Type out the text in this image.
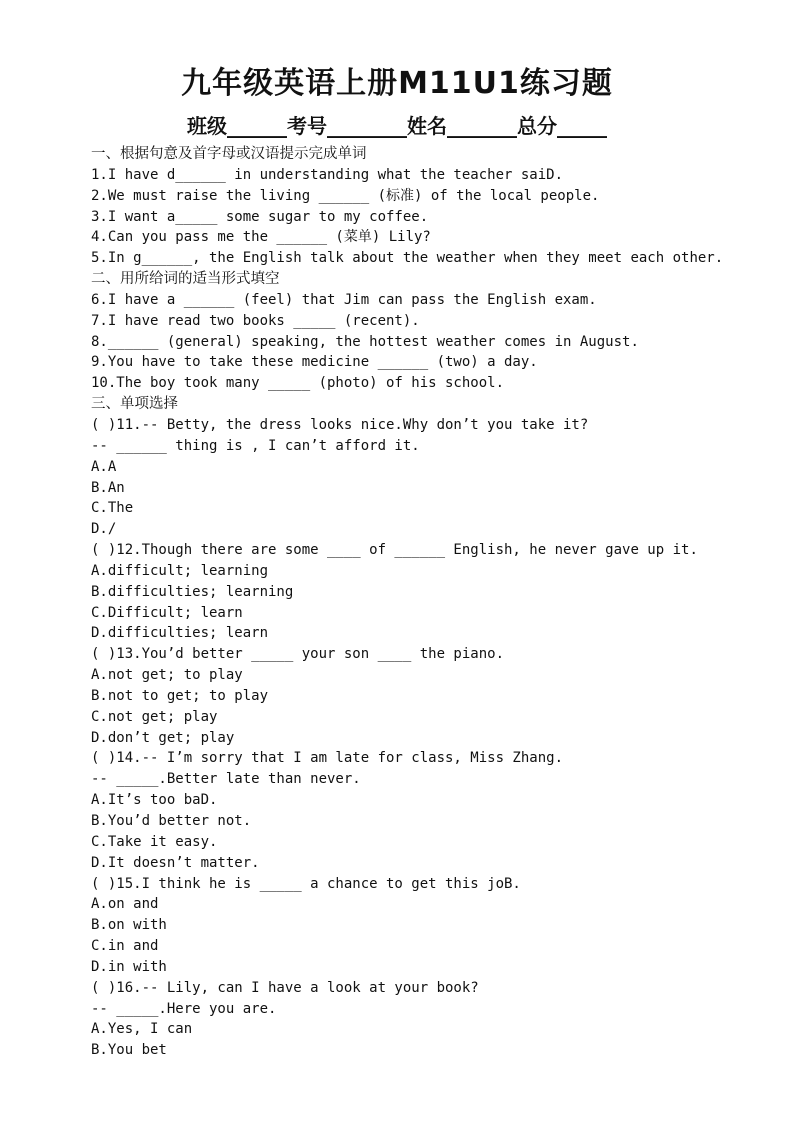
九年级英语上册M11U1练习题
班级______考号________姓名_______总分_____
一、根据句意及首字母或汉语提示完成单词
1.I have d______ in understanding what the teacher saiD.
2.We must raise the living ______ (标准) of the local people.
3.I want a_____ some sugar to my coffee.
4.Can you pass me the ______ (菜单) Lily?
5.In g______, the English talk about the weather when they meet each other.
二、用所给词的适当形式填空
6.I have a ______ (feel) that Jim can pass the English exam.
7.I have read two books _____ (recent).
8.______ (general) speaking, the hottest weather comes in August.
9.You have to take these medicine ______ (two) a day.
10.The boy took many _____ (photo) of his school.
三、单项选择
( )11.-- Betty, the dress looks nice.Why don’t you take it?
-- ______ thing is , I can’t afford it.
A.A
B.An
C.The
D./
( )12.Though there are some ____ of ______ English, he never gave up it.
A.difficult; learning
B.difficulties; learning
C.Difficult; learn
D.difficulties; learn
( )13.You’d better _____ your son ____ the piano.
A.not get; to play
B.not to get; to play
C.not get; play
D.don’t get; play
( )14.-- I’m sorry that I am late for class, Miss Zhang.
-- _____.Better late than never.
A.It’s too baD.
B.You’d better not.
C.Take it easy.
D.It doesn’t matter.
( )15.I think he is _____ a chance to get this joB.
A.on and
B.on with
C.in and
D.in with
( )16.-- Lily, can I have a look at your book?
-- _____.Here you are.
A.Yes, I can
B.You bet
